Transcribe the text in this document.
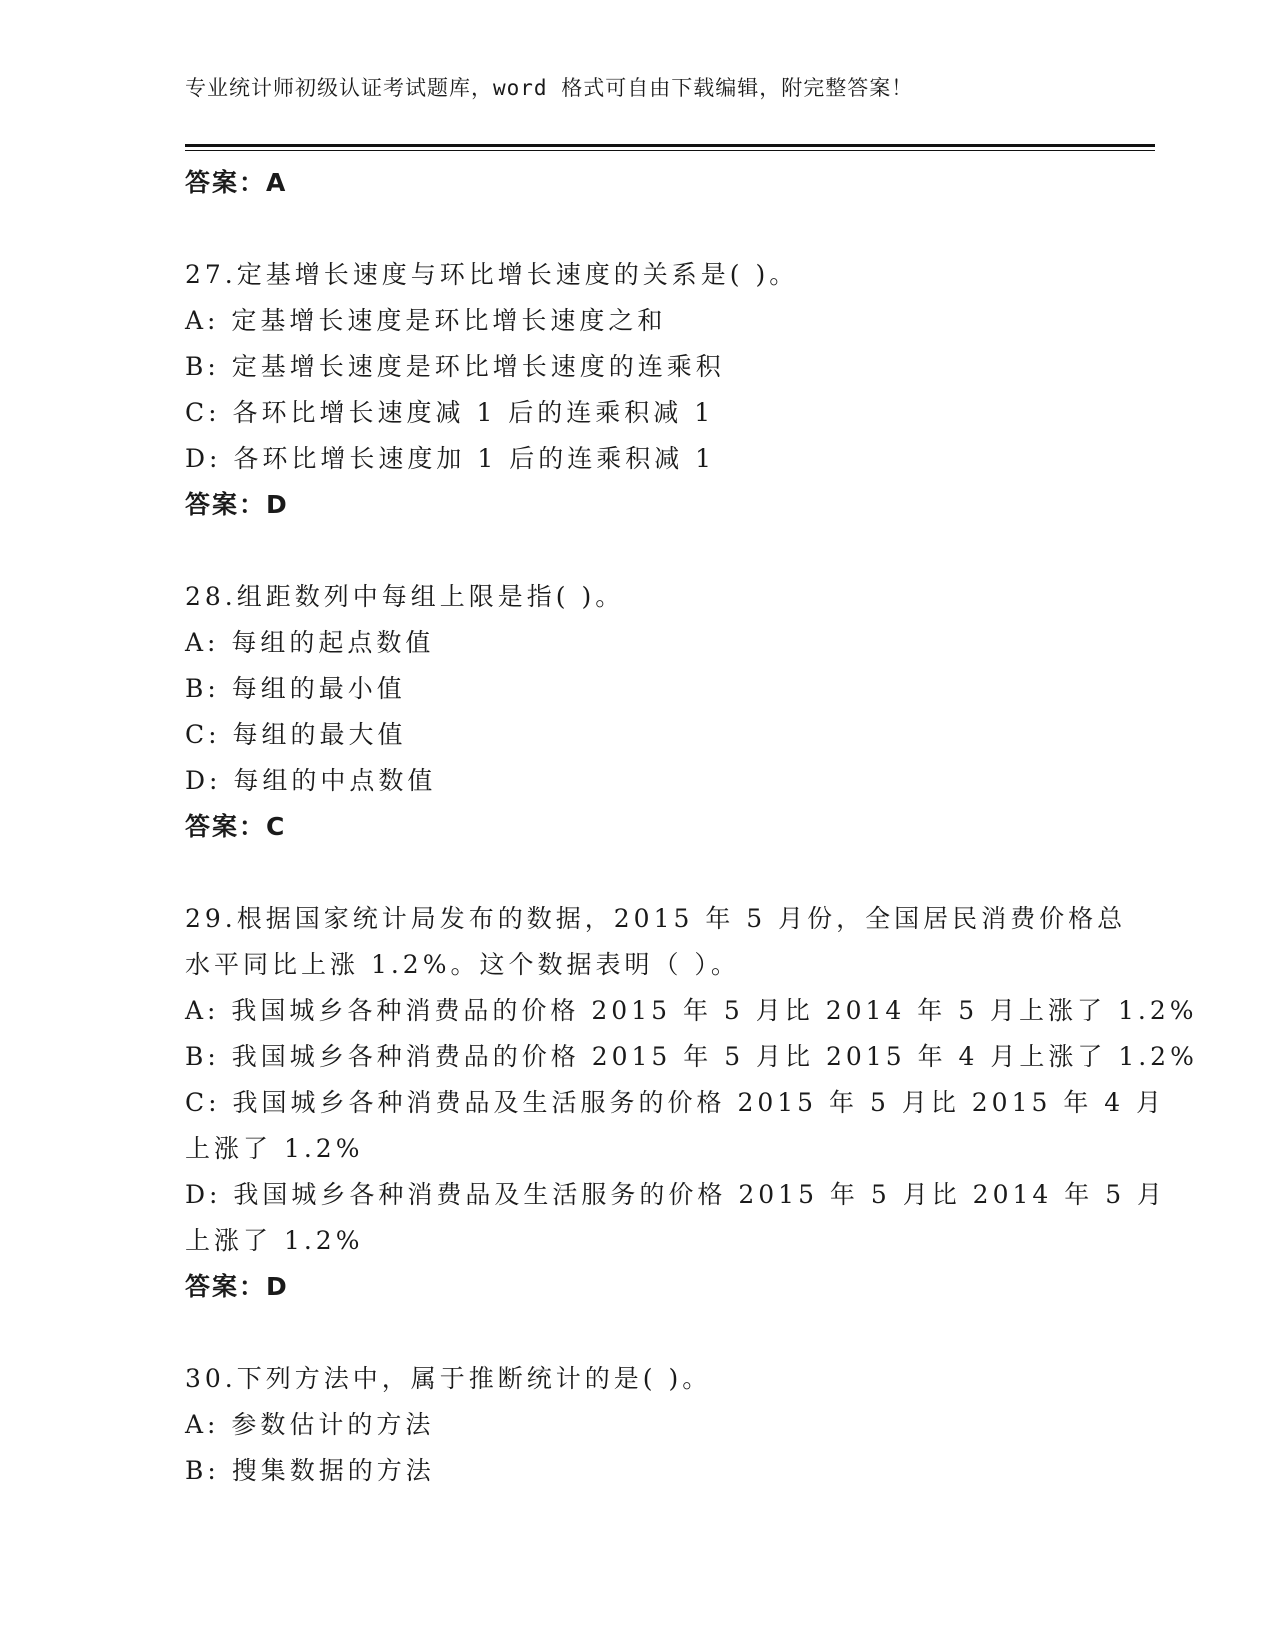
专业统计师初级认证考试题库，word 格式可自由下载编辑，附完整答案！
答案：A
27.定基增长速度与环比增长速度的关系是( )。
A: 定基增长速度是环比增长速度之和
B: 定基增长速度是环比增长速度的连乘积
C: 各环比增长速度减 1 后的连乘积减 1
D: 各环比增长速度加 1 后的连乘积减 1
答案：D
28.组距数列中每组上限是指( )。
A: 每组的起点数值
B: 每组的最小值
C: 每组的最大值
D: 每组的中点数值
答案：C
29.根据国家统计局发布的数据，2015 年 5 月份，全国居民消费价格总
水平同比上涨 1.2%。这个数据表明（ ）。
A: 我国城乡各种消费品的价格 2015 年 5 月比 2014 年 5 月上涨了 1.2%
B: 我国城乡各种消费品的价格 2015 年 5 月比 2015 年 4 月上涨了 1.2%
C: 我国城乡各种消费品及生活服务的价格 2015 年 5 月比 2015 年 4 月
上涨了 1.2%
D: 我国城乡各种消费品及生活服务的价格 2015 年 5 月比 2014 年 5 月
上涨了 1.2%
答案：D
30.下列方法中，属于推断统计的是( )。
A: 参数估计的方法
B: 搜集数据的方法
